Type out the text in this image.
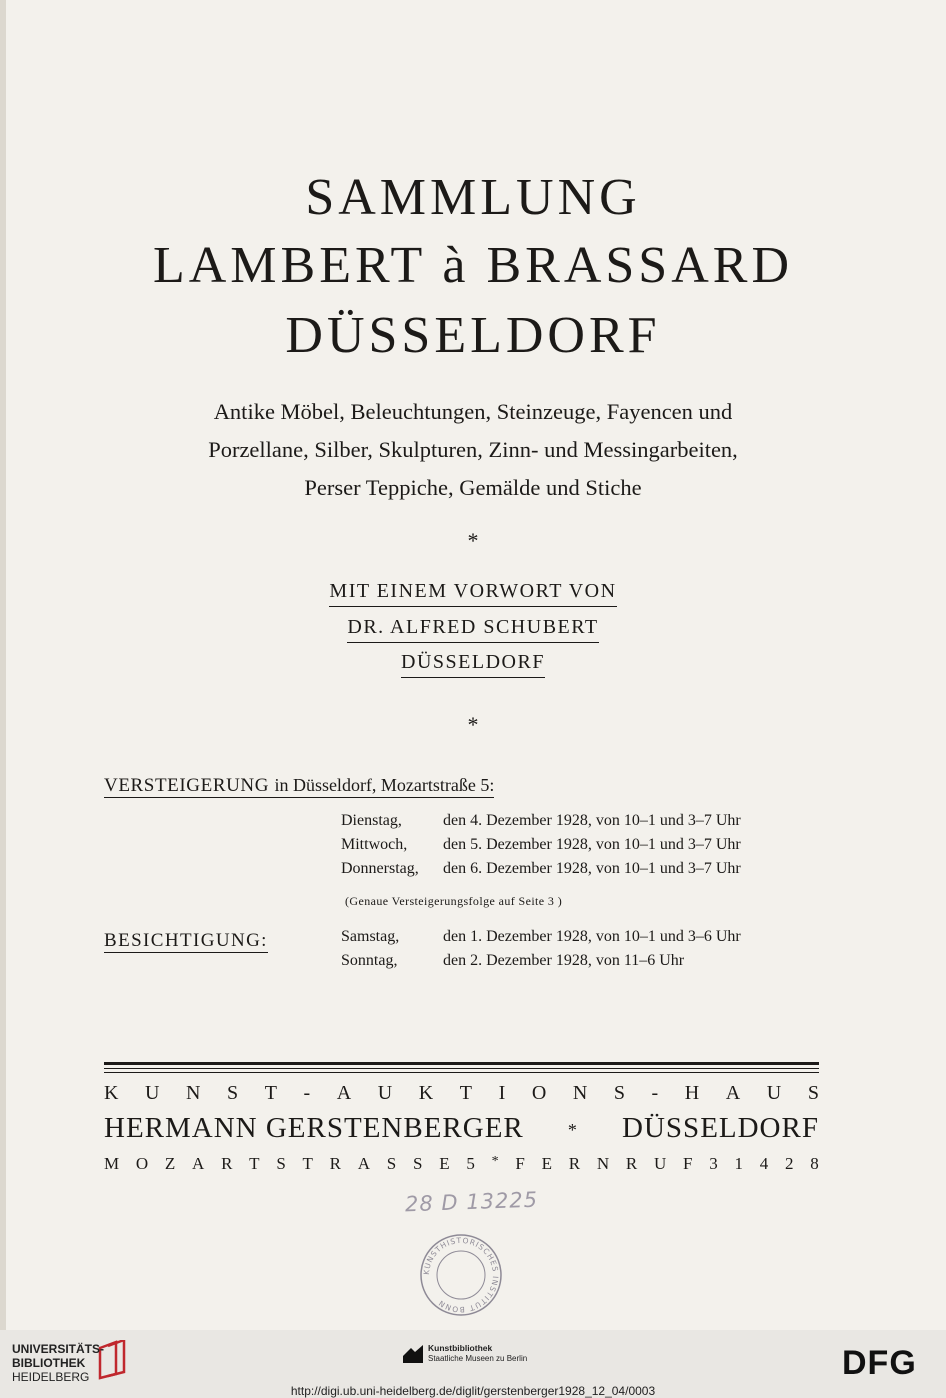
SAMMLUNG
LAMBERT à BRASSARD
DÜSSELDORF
Antike Möbel, Beleuchtungen, Steinzeuge, Fayencen und
Porzellane, Silber, Skulpturen, Zinn- und Messingarbeiten,
Perser Teppiche, Gemälde und Stiche
*
MIT EINEM VORWORT VON
DR. ALFRED SCHUBERT
DÜSSELDORF
*
VERSTEIGERUNG in Düsseldorf, Mozartstraße 5:
Dienstag,	den 4. Dezember 1928, von 10–1 und 3–7 Uhr
Mittwoch, den 5. Dezember 1928, von 10–1 und 3–7 Uhr
Donnerstag, den 6. Dezember 1928, von 10–1 und 3–7 Uhr
(Genaue Versteigerungsfolge auf Seite 3 )
BESICHTIGUNG:	Samstag,	den 1. Dezember 1928, von 10–1 und 3–6 Uhr
Sonntag,	den 2. Dezember 1928, von 11–6 Uhr
K U N S T - A U K T I O N S - H A U S
HERMANN GERSTENBERGER * DÜSSELDORF
M O Z A R T S T R A S S E 5 * F E R N R U F 3 1 4 2 8
28 D 13225
KUNSTHISTORISCHES INSTITUT BONN
UNIVERSITÄTS-
BIBLIOTHEK
HEIDELBERG
Kunstbibliothek
Staatliche Museen zu Berlin	DFG
http://digi.ub.uni-heidelberg.de/diglit/gerstenberger1928_12_04/0003
